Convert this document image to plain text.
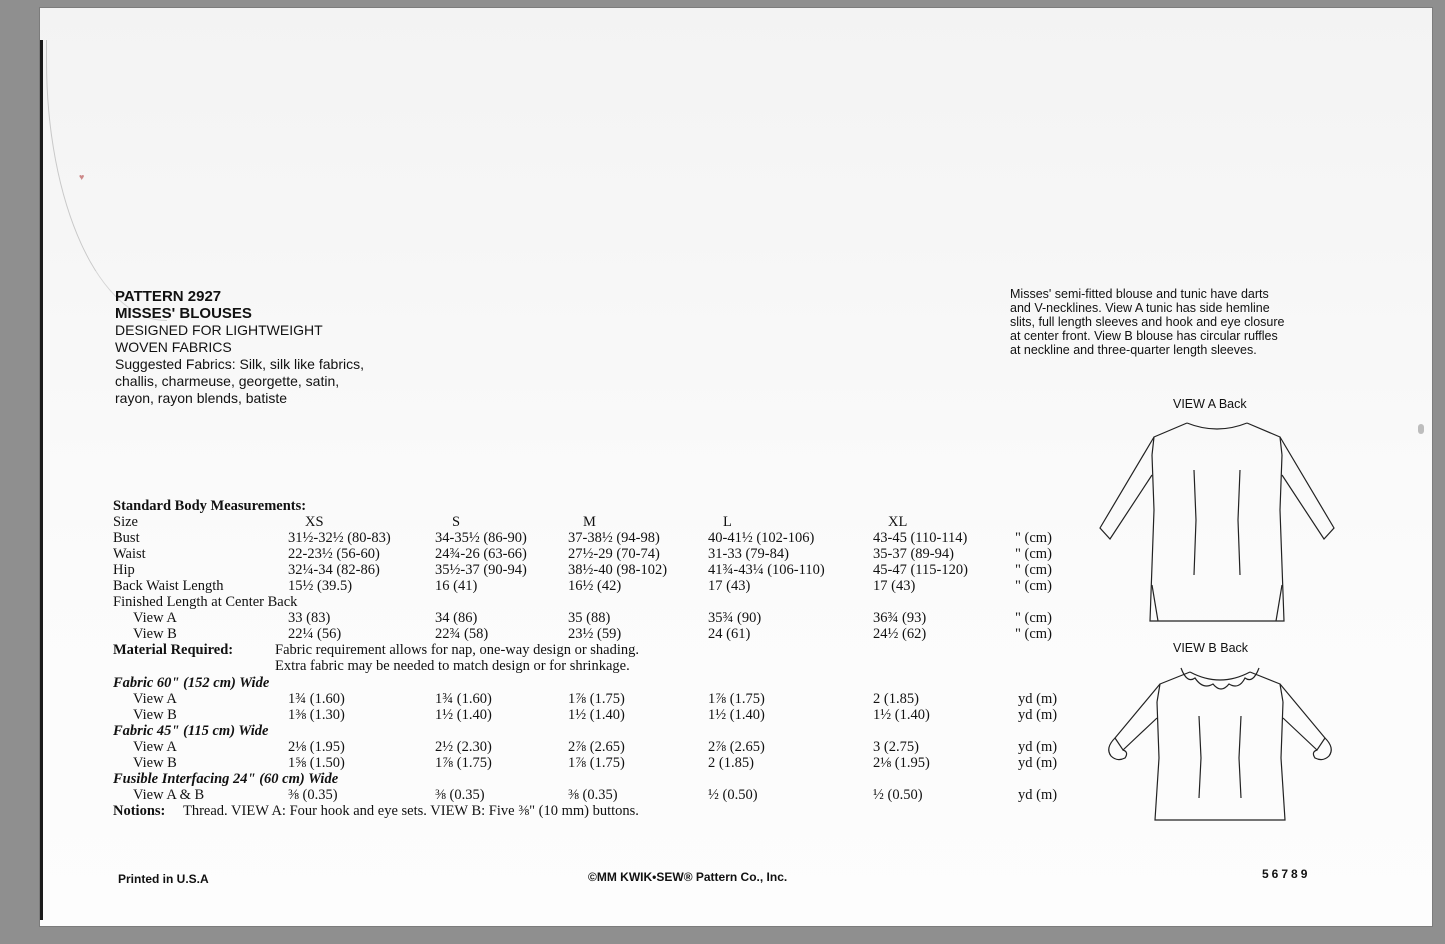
♥
PATTERN 2927
MISSES' BLOUSES
DESIGNED FOR LIGHTWEIGHT
WOVEN FABRICS
Suggested Fabrics: Silk, silk like fabrics,
challis, charmeuse, georgette, satin,
rayon, rayon blends, batiste
Misses' semi-fitted blouse and tunic have darts
and V-necklines. View A tunic has side hemline
slits, full length sleeves and hook and eye closure
at center front. View B blouse has circular ruffles
at neckline and three-quarter length sleeves.
VIEW A Back
VIEW B Back
Standard Body Measurements:
Size	XS	S	M	L	XL
Bust	31½-32½ (80-83)	34-35½ (86-90)	37-38½ (94-98)	40-41½ (102-106)	43-45 (110-114)	" (cm)
Waist	22-23½ (56-60)	24¾-26 (63-66)	27½-29 (70-74)	31-33 (79-84)	35-37 (89-94)	" (cm)
Hip	32¼-34 (82-86)	35½-37 (90-94)	38½-40 (98-102)	41¾-43¼ (106-110)	45-47 (115-120)	" (cm)
Back Waist Length	15½ (39.5)	16 (41)	16½ (42)	17 (43)	17 (43)	" (cm)
Finished Length at Center Back
View A	33 (83)	34 (86)	35 (88)	35¾ (90)	36¾ (93)	" (cm)
View B	22¼ (56)	22¾ (58)	23½ (59)	24 (61)	24½ (62)	" (cm)
Material Required:	Fabric requirement allows for nap, one-way design or shading.
Extra fabric may be needed to match design or for shrinkage.
Fabric 60" (152 cm) Wide
View A	1¾ (1.60)	1¾ (1.60)	1⅞ (1.75)	1⅞ (1.75)	2 (1.85)	yd (m)
View B	1⅜ (1.30)	1½ (1.40)	1½ (1.40)	1½ (1.40)	1½ (1.40)	yd (m)
Fabric 45" (115 cm) Wide
View A	2⅛ (1.95)	2½ (2.30)	2⅞ (2.65)	2⅞ (2.65)	3 (2.75)	yd (m)
View B	1⅝ (1.50)	1⅞ (1.75)	1⅞ (1.75)	2 (1.85)	2⅛ (1.95)	yd (m)
Fusible Interfacing 24" (60 cm) Wide
View A & B	⅜ (0.35)	⅜ (0.35)	⅜ (0.35)	½ (0.50)	½ (0.50)	yd (m)
Notions: Thread. VIEW A: Four hook and eye sets. VIEW B: Five ⅜" (10 mm) buttons.
Printed in U.S.A	©MM KWIK•SEW® Pattern Co., Inc.	56789
